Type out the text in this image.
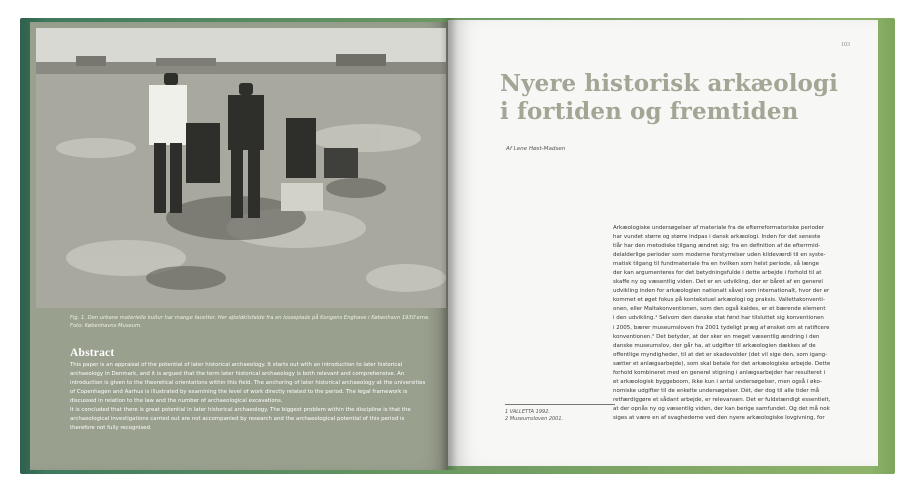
Fig. 1. Den urbane materielle kultur har mange facetter. Her ajtoldkilsfalde fra en losseplads på Kongens Enghave i København 1930'erne. Foto: Københavns Museum.
Abstract

This paper is an appraisal of the potential of later historical archaeology. It starts out with an introduction to later historical archaeology in Denmark, and it is argued that the term later historical archaeology is both relevant and comprehensive. An introduction is given to the theoretical orientations within this field. The anchoring of later historical archaeology at the universities of Copenhagen and Aarhus is illustrated by examining the level of work directly related to the period. The legal framework is discussed in relation to the law and the number of archaeological excavations.

It is concluded that there is great potential in later historical archaeology. The biggest problem within the discipline is that the archaeological investigations carried out are not accompanied by research and the archaeological potential of this period is therefore not fully recognised.

103
Nyere historisk arkæologi
i fortiden og fremtiden
Af Lene Høst-Madsen
1 VALLETTA 1992.
2 Museumsloven 2001.
Arkæologiske undersøgelser af materiale fra de efterreformatoriske perioder
har vundet større og større indpas i dansk arkæologi. Inden for det seneste
tiår har den metodiske tilgang ændret sig; fra en definition af de efterrmid-
delalderlige perioder som moderne forstyrrelser uden kildeværdi til en syste-
matisk tilgang til fundmateriale fra en hvilken som helst periode, så længe
der kan argumenteres for det betydningsfulde i dette arbejde i forhold til at
skaffe ny og væsentlig viden. Det er en udvikling, der er båret af en generel
udvikling inden for arkæologien nationalt såvel som internationalt, hvor der er
kommet et øget fokus på kontekstuel arkæologi og praksis. Vallettakonventi-
onen, eller Maltakonventionen, som den også kaldes, er et bærende element
i den udvikling.¹ Selvom den danske stat først har tilsluttet sig konventionen
i 2005, bærer museumsloven fra 2001 tydeligt præg af ønsket om at ratificere
konventionen.² Det betyder, at der sker en meget væsentlig ændring i den
danske museumslov, der går ha, at udgifter til arkæologien dækkes af de
offentlige myndigheder, til at det er skadevolder (det vil sige den, som igang-
sætter et anlægsarbejde), som skal betale for det arkæologiske arbejde. Dette
forhold kombineret med en generel stigning i anlægsarbejder har resulteret i
et arkæologisk byggeboom, ikke kun i antal undersøgelser, men også i øko-
nomiske udgifter til de enkelte undersøgelser. Dét, der dog til alle tider må
retfærdiggøre et sådant arbejde, er relevansen. Det er fuldstændigt essentielt,
at der opnås ny og væsentlig viden, der kan berige samfundet. Og det må nok
siges at være en af svaghederne ved den nyere arkæologiske lovgivning, for
